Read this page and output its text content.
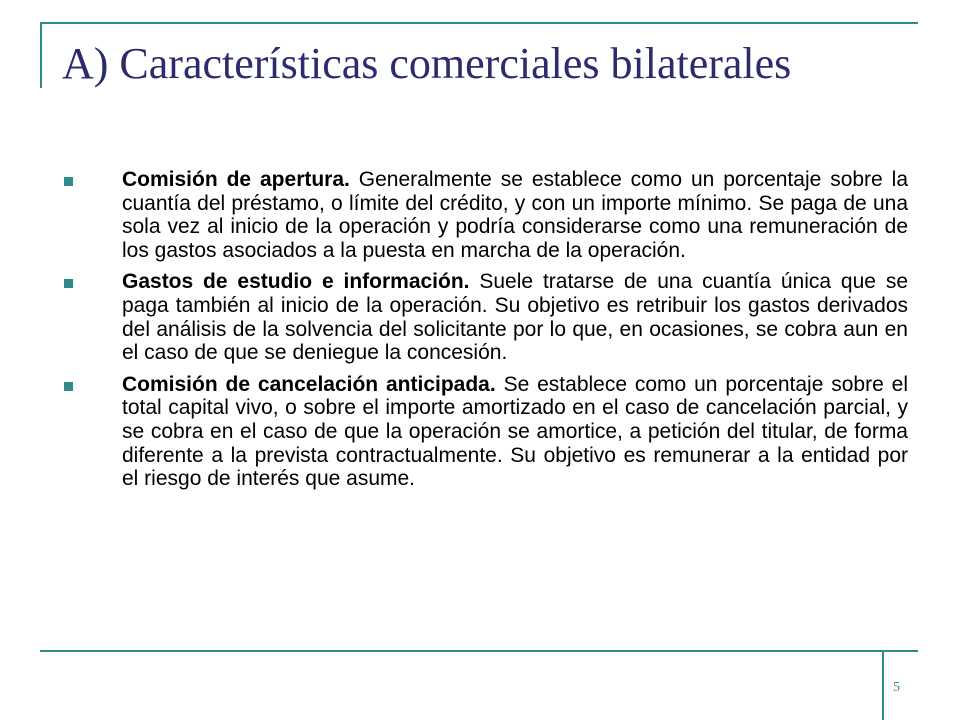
A) Características comerciales bilaterales
Comisión de apertura. Generalmente se establece como un porcentaje sobre la cuantía del préstamo, o límite del crédito, y con un importe mínimo. Se paga de una sola vez al inicio de la operación y podría considerarse como una remuneración de los gastos asociados a la puesta en marcha de la operación.
Gastos de estudio e información. Suele tratarse de una cuantía única que se paga también al inicio de la operación. Su objetivo es retribuir los gastos derivados del análisis de la solvencia del solicitante por lo que, en ocasiones, se cobra aun en el caso de que se deniegue la concesión.
Comisión de cancelación anticipada. Se establece como un porcentaje sobre el total capital vivo, o sobre el importe amortizado en el caso de cancelación parcial, y se cobra en el caso de que la operación se amortice, a petición del titular, de forma diferente a la prevista contractualmente. Su objetivo es remunerar a la entidad por el riesgo de interés que asume.
5
